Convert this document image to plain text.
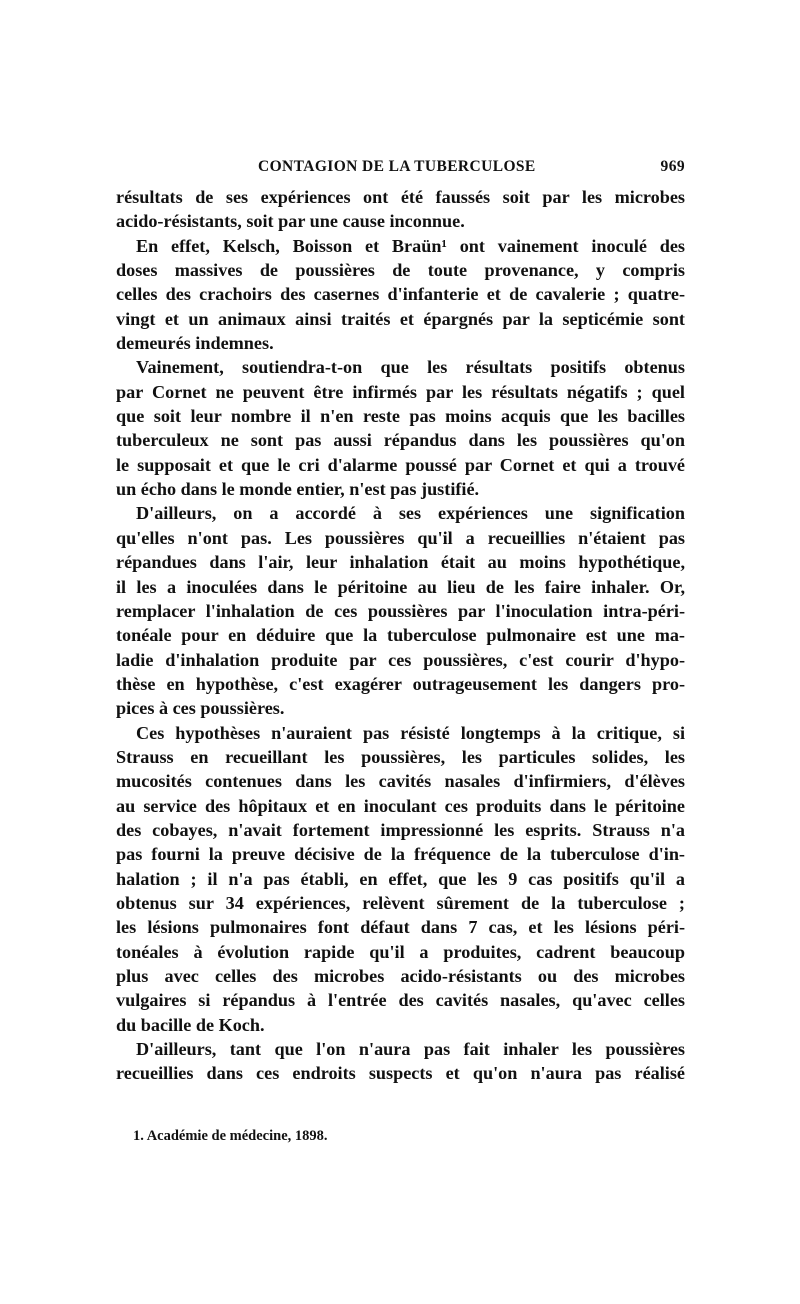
CONTAGION DE LA TUBERCULOSE	969
résultats de ses expériences ont été faussés soit par les microbes
acido-résistants, soit par une cause inconnue.
En effet, Kelsch, Boisson et Braün¹ ont vainement inoculé des
doses massives de poussières de toute provenance, y compris
celles des crachoirs des casernes d'infanterie et de cavalerie ; quatre-
vingt et un animaux ainsi traités et épargnés par la septicémie sont
demeurés indemnes.
Vainement, soutiendra-t-on que les résultats positifs obtenus
par Cornet ne peuvent être infirmés par les résultats négatifs ; quel
que soit leur nombre il n'en reste pas moins acquis que les bacilles
tuberculeux ne sont pas aussi répandus dans les poussières qu'on
le supposait et que le cri d'alarme poussé par Cornet et qui a trouvé
un écho dans le monde entier, n'est pas justifié.
D'ailleurs, on a accordé à ses expériences une signification
qu'elles n'ont pas. Les poussières qu'il a recueillies n'étaient pas
répandues dans l'air, leur inhalation était au moins hypothétique,
il les a inoculées dans le péritoine au lieu de les faire inhaler. Or,
remplacer l'inhalation de ces poussières par l'inoculation intra-péri-
tonéale pour en déduire que la tuberculose pulmonaire est une ma-
ladie d'inhalation produite par ces poussières, c'est courir d'hypo-
thèse en hypothèse, c'est exagérer outrageusement les dangers pro-
pices à ces poussières.
Ces hypothèses n'auraient pas résisté longtemps à la critique, si
Strauss en recueillant les poussières, les particules solides, les
mucosités contenues dans les cavités nasales d'infirmiers, d'élèves
au service des hôpitaux et en inoculant ces produits dans le péritoine
des cobayes, n'avait fortement impressionné les esprits. Strauss n'a
pas fourni la preuve décisive de la fréquence de la tuberculose d'in-
halation ; il n'a pas établi, en effet, que les 9 cas positifs qu'il a
obtenus sur 34 expériences, relèvent sûrement de la tuberculose ;
les lésions pulmonaires font défaut dans 7 cas, et les lésions péri-
tonéales à évolution rapide qu'il a produites, cadrent beaucoup
plus avec celles des microbes acido-résistants ou des microbes
vulgaires si répandus à l'entrée des cavités nasales, qu'avec celles
du bacille de Koch.
D'ailleurs, tant que l'on n'aura pas fait inhaler les poussières
recueillies dans ces endroits suspects et qu'on n'aura pas réalisé
1. Académie de médecine, 1898.
